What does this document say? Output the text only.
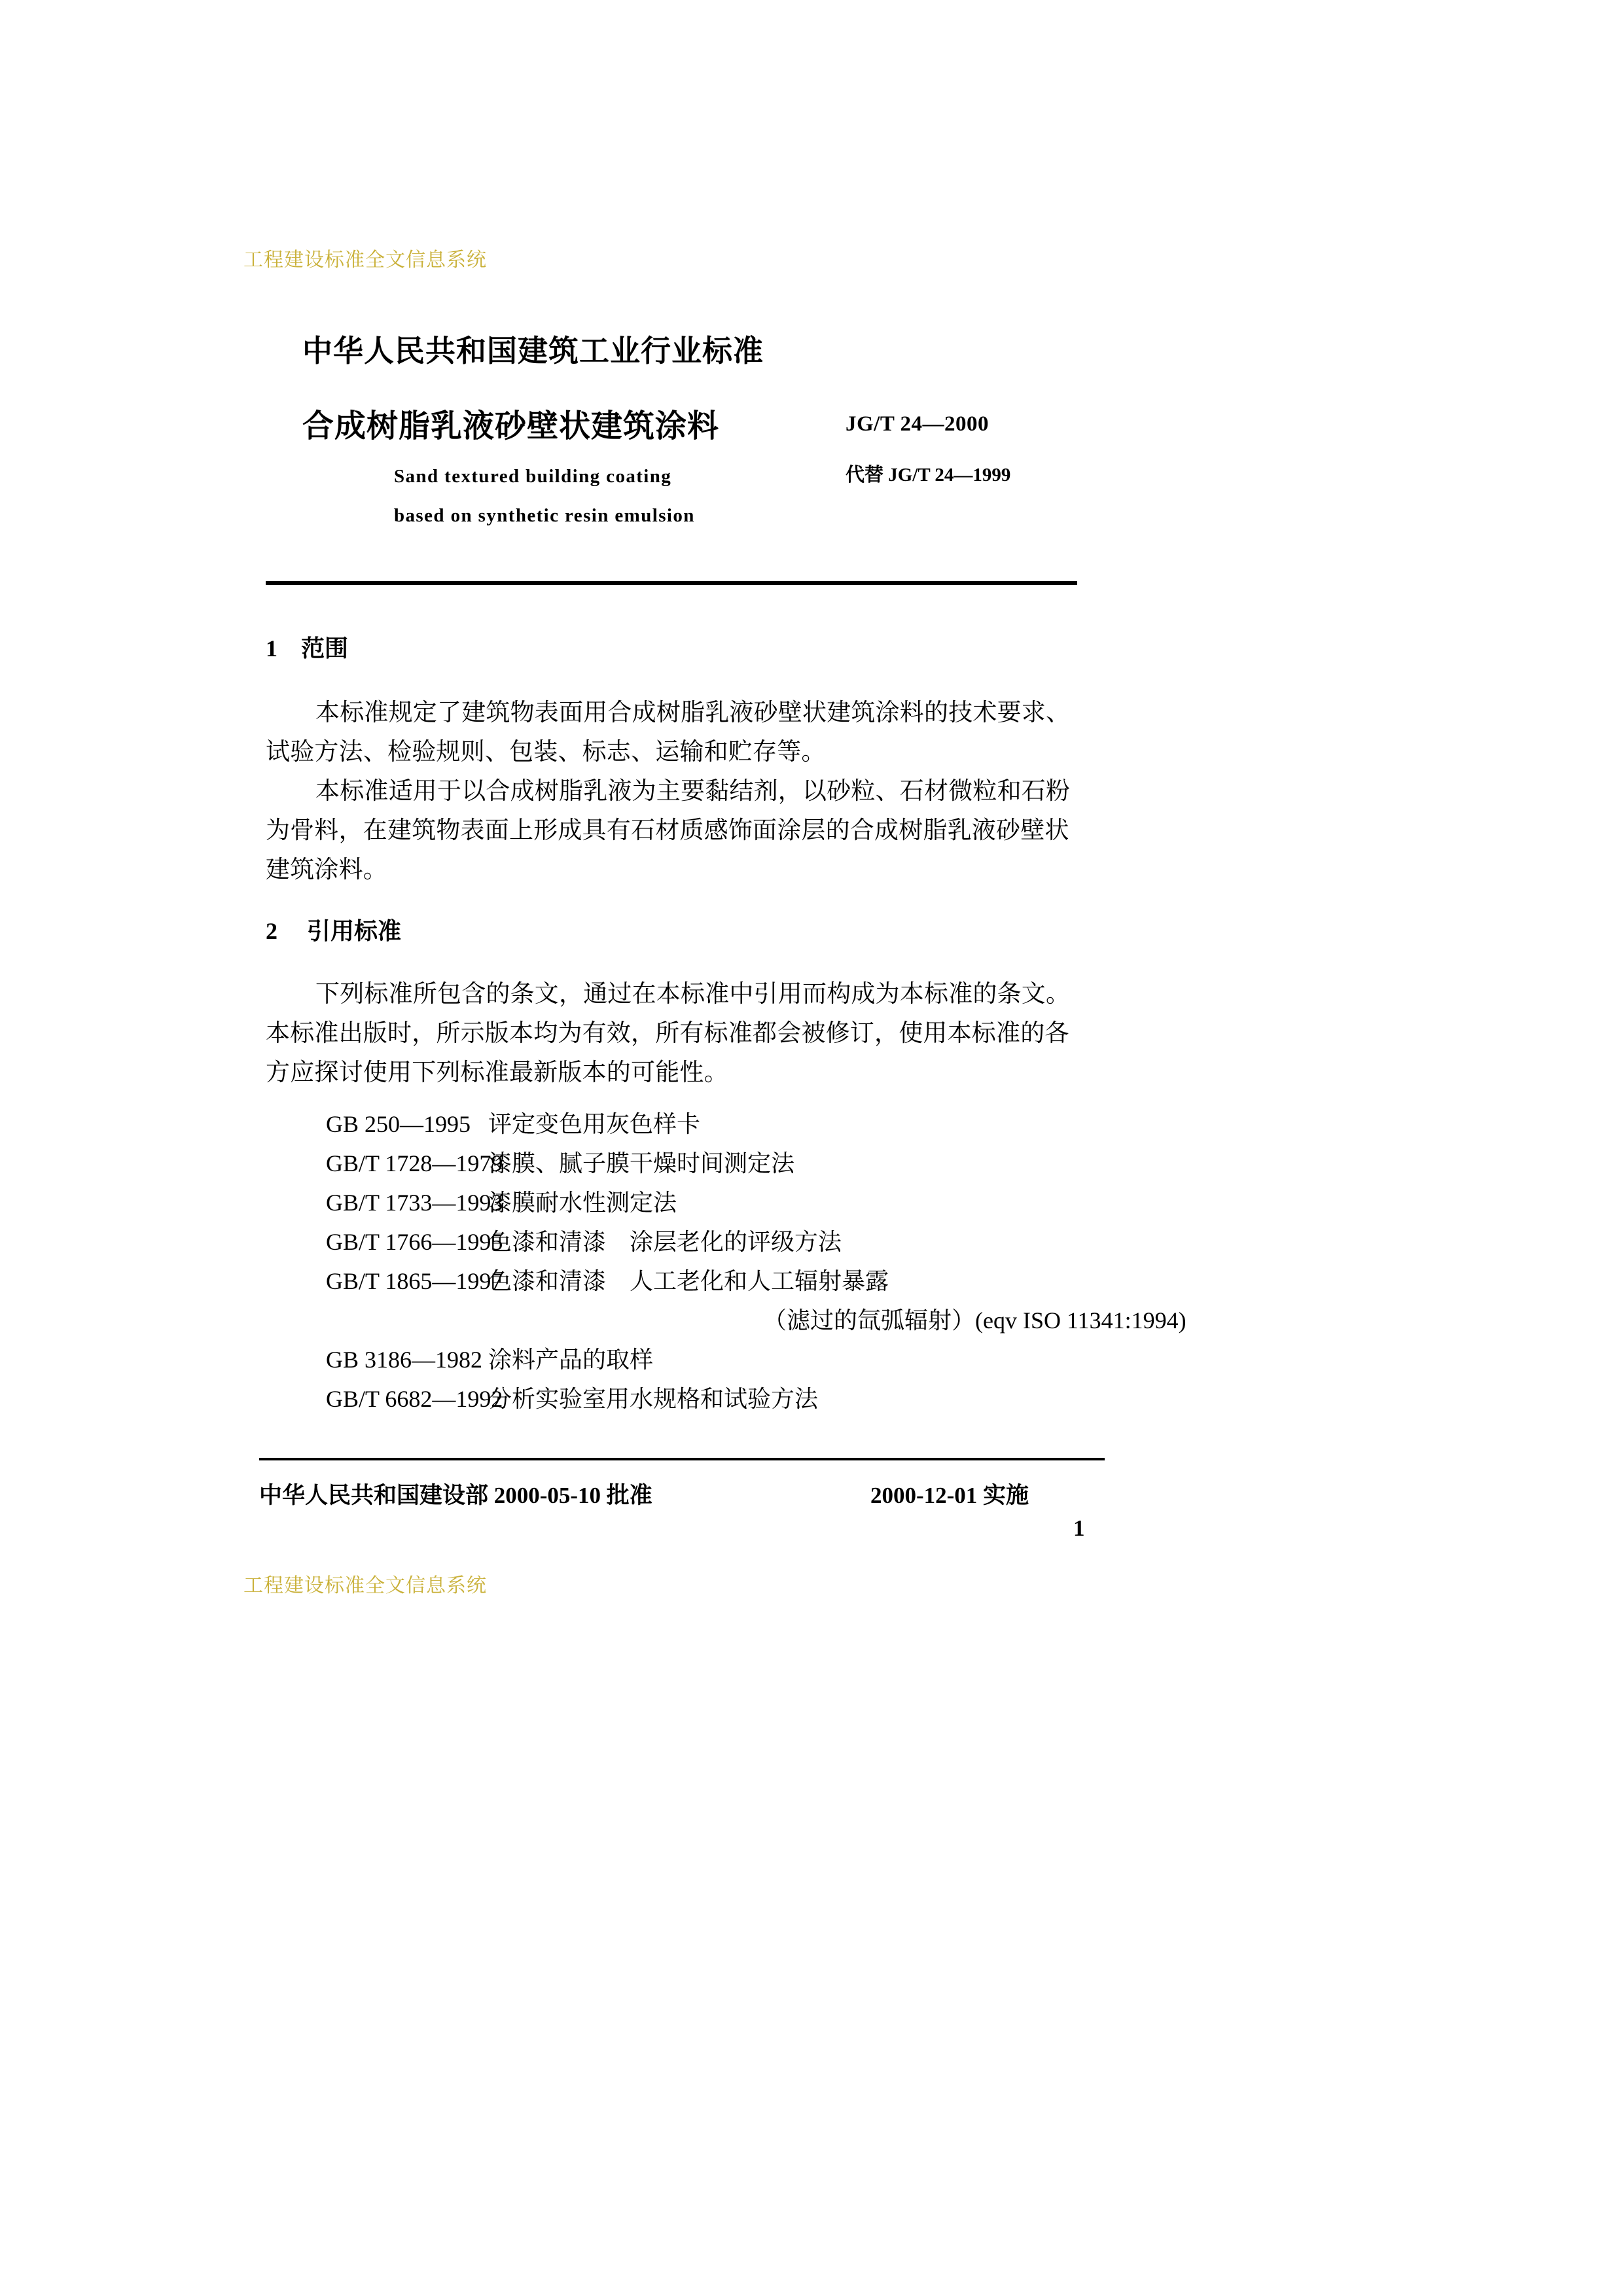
工程建设标准全文信息系统
中华人民共和国建筑工业行业标准
合成树脂乳液砂壁状建筑涂料
Sand textured building coating
based on synthetic resin emulsion
JG/T 24—2000
代替 JG/T 24—1999
1 范围
本标准规定了建筑物表面用合成树脂乳液砂壁状建筑涂料的技术要求、试验方法、检验规则、包装、标志、运输和贮存等。
本标准适用于以合成树脂乳液为主要黏结剂，以砂粒、石材微粒和石粉为骨料，在建筑物表面上形成具有石材质感饰面涂层的合成树脂乳液砂壁状建筑涂料。
2 引用标准
下列标准所包含的条文，通过在本标准中引用而构成为本标准的条文。本标准出版时，所示版本均为有效，所有标准都会被修订，使用本标准的各方应探讨使用下列标准最新版本的可能性。
GB 250—1995 评定变色用灰色样卡
GB/T 1728—1979漆膜、腻子膜干燥时间测定法
GB/T 1733—1993漆膜耐水性测定法
GB/T 1766—1995色漆和清漆　涂层老化的评级方法
GB/T 1865—1997色漆和清漆　人工老化和人工辐射暴露
（滤过的氙弧辐射）(eqv ISO 11341:1994)
GB 3186—1982 涂料产品的取样
GB/T 6682—1992分析实验室用水规格和试验方法
中华人民共和国建设部 2000-05-10 批准	2000-12-01 实施
1
工程建设标准全文信息系统
